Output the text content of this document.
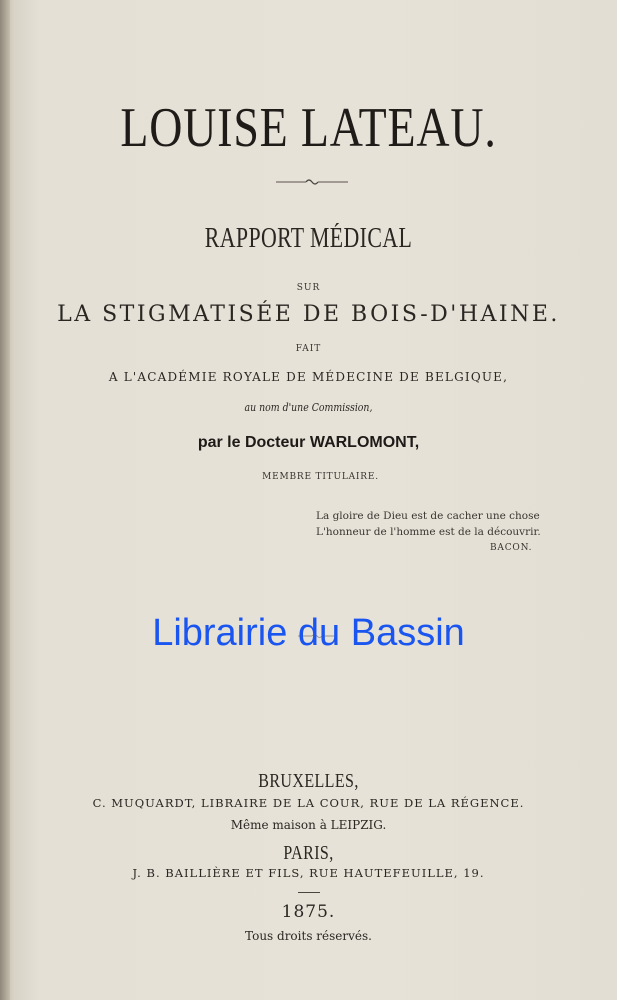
LOUISE LATEAU.
RAPPORT MÉDICAL
SUR
LA STIGMATISÉE DE BOIS-D'HAINE.
FAIT
A L'ACADÉMIE ROYALE DE MÉDECINE DE BELGIQUE,
au nom d'une Commission,
par le Docteur WARLOMONT,
MEMBRE TITULAIRE.
La gloire de Dieu est de cacher une chose
L'honneur de l'homme est de la découvrir.
BACON.
Librairie du Bassin
BRUXELLES,
C. MUQUARDT, LIBRAIRE DE LA COUR, RUE DE LA RÉGENCE.
Même maison à LEIPZIG.
PARIS,
J. B. BAILLIÈRE ET FILS, RUE HAUTEFEUILLE, 19.
1875.
Tous droits réservés.
